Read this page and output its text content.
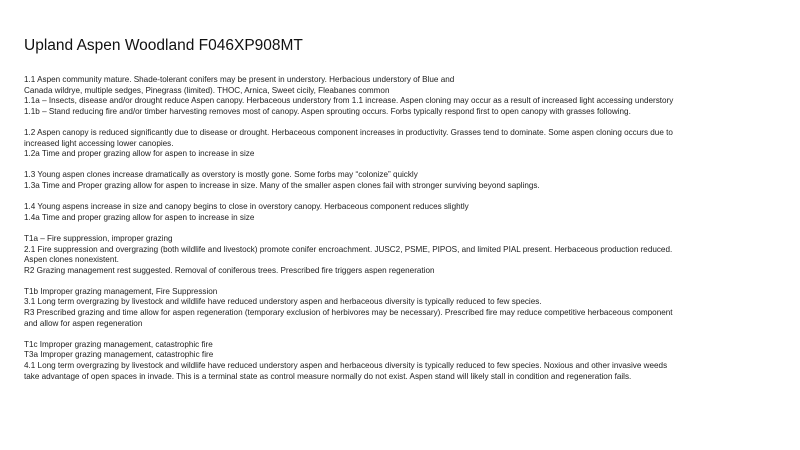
Upland Aspen Woodland F046XP908MT

1.1 Aspen community mature. Shade-tolerant conifers may be present in understory. Herbacious understory of Blue and
Canada wildrye, multiple sedges, Pinegrass (limited). THOC, Arnica, Sweet cicily, Fleabanes common
1.1a – Insects, disease and/or drought reduce Aspen canopy. Herbaceous understory from 1.1 increase. Aspen cloning may occur as a result of increased light accessing understory
1.1b – Stand reducing fire and/or timber harvesting removes most of canopy. Aspen sprouting occurs. Forbs typically respond first to open canopy with grasses following.

1.2 Aspen canopy is reduced significantly due to disease or drought. Herbaceous component increases in productivity. Grasses tend to dominate. Some aspen cloning occurs due to
increased light accessing lower canopies.
1.2a Time and proper grazing allow for aspen to increase in size

1.3 Young aspen clones increase dramatically as overstory is mostly gone. Some forbs may “colonize” quickly
1.3a Time and Proper grazing allow for aspen to increase in size. Many of the smaller aspen clones fail with stronger surviving beyond saplings.

1.4 Young aspens increase in size and canopy begins to close in overstory canopy. Herbaceous component reduces slightly
1.4a Time and proper grazing allow for aspen to increase in size

T1a – Fire suppression, improper grazing
2.1 Fire suppression and overgrazing (both wildlife and livestock) promote conifer encroachment. JUSC2, PSME, PIPOS, and limited PIAL present. Herbaceous production reduced.
Aspen clones nonexistent.
R2 Grazing management rest suggested. Removal of coniferous trees. Prescribed fire triggers aspen regeneration

T1b Improper grazing management, Fire Suppression
3.1 Long term overgrazing by livestock and wildlife have reduced understory aspen and herbaceous diversity is typically reduced to few species.
R3 Prescribed grazing and time allow for aspen regeneration (temporary exclusion of herbivores may be necessary). Prescribed fire may reduce competitive herbaceous component
and allow for aspen regeneration

T1c Improper grazing management, catastrophic fire
T3a Improper grazing management, catastrophic fire
4.1 Long term overgrazing by livestock and wildlife have reduced understory aspen and herbaceous diversity is typically reduced to few species. Noxious and other invasive weeds
take advantage of open spaces in invade. This is a terminal state as control measure normally do not exist. Aspen stand will likely stall in condition and regeneration fails.
